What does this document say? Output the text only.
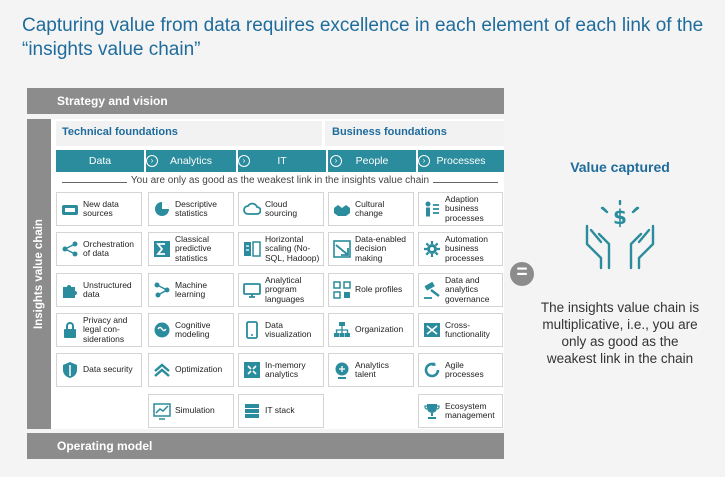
Capturing value from data requires excellence in each element of each link of the
“insights value chain”
Strategy and vision
Insights value chain
Technical foundations	Business foundations
Data	›	Analytics	›	IT	›	People	›	Processes
You are only as good as the weakest link in the insights value chain
New data
sources
Orchestration
of data
Unstructured
data
Privacy and
legal con-
siderations
Data security
Descriptive
statistics
Classical
predictive
statistics
Machine
learning
Cognitive
modeling
Optimization
Simulation
Cloud
sourcing
Horizontal
scaling (No-
SQL, Hadoop)
Analytical
program
languages
Data
visualization
In-memory
analytics
IT stack
Cultural
change
Data-enabled
decision
making
Role profiles
Organization
Analytics
talent
Adaption
business
processes
Automation
business
processes
Data and
analytics
governance
Cross-
functionality
Agile
processes
Ecosystem
management
Operating model
=
Value captured
$
The insights value chain is multiplicative, i.e., you are only as good as the weakest link in the chain
